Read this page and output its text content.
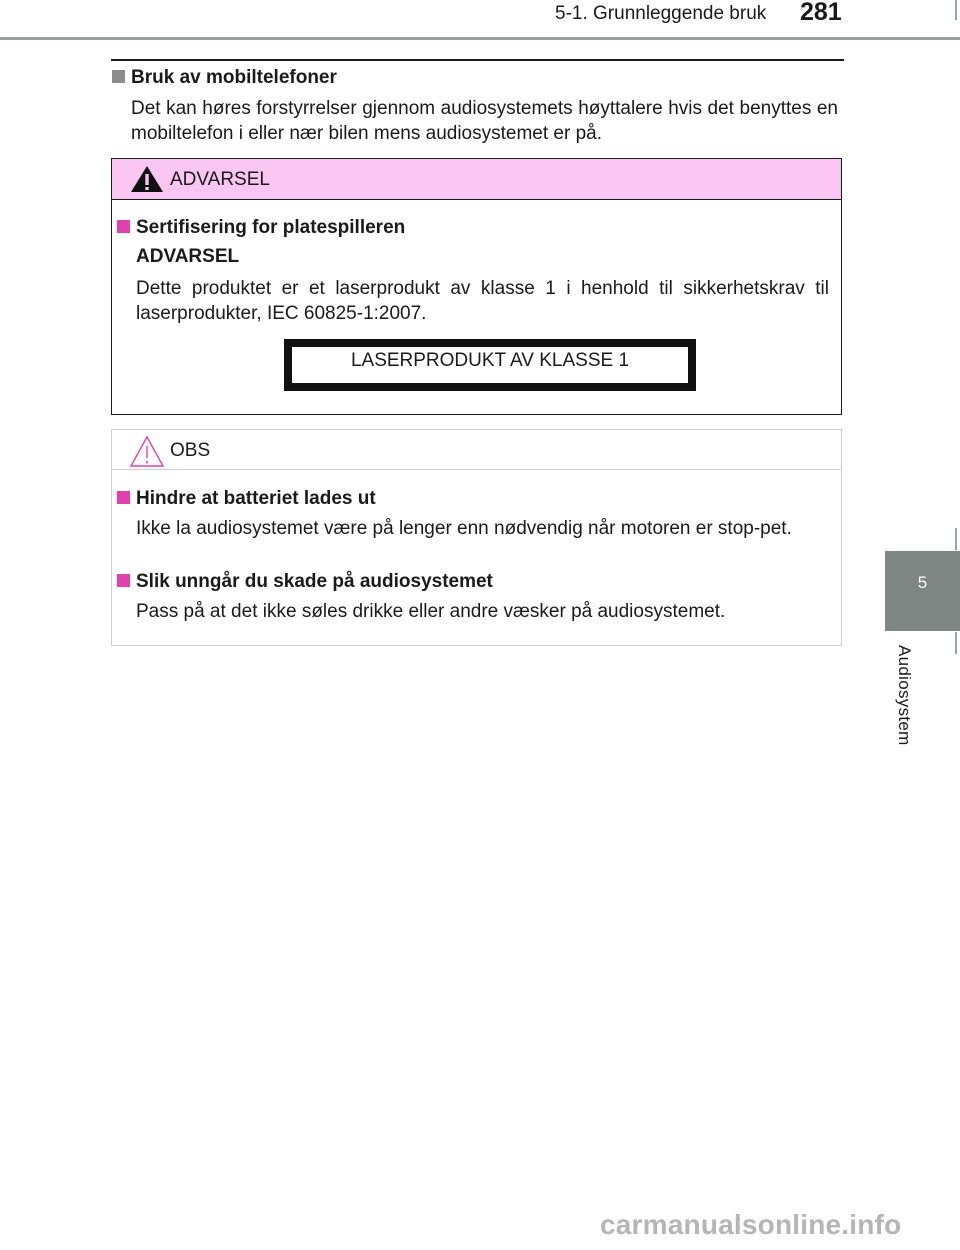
5-1. Grunnleggende bruk 281
5
Audiosystem
Bruk av mobiltelefoner
Det kan høres forstyrrelser gjennom audiosystemets høyttalere hvis det benyttes en mobiltelefon i eller nær bilen mens audiosystemet er på.
ADVARSEL
Sertifisering for platespilleren
ADVARSEL
Dette produktet er et laserprodukt av klasse 1 i henhold til sikkerhetskrav til laserprodukter, IEC 60825-1:2007.
LASERPRODUKT AV KLASSE 1
OBS
Hindre at batteriet lades ut
Ikke la audiosystemet være på lenger enn nødvendig når motoren er stop-pet.
Slik unngår du skade på audiosystemet
Pass på at det ikke søles drikke eller andre væsker på audiosystemet.
carmanualsonline.info
